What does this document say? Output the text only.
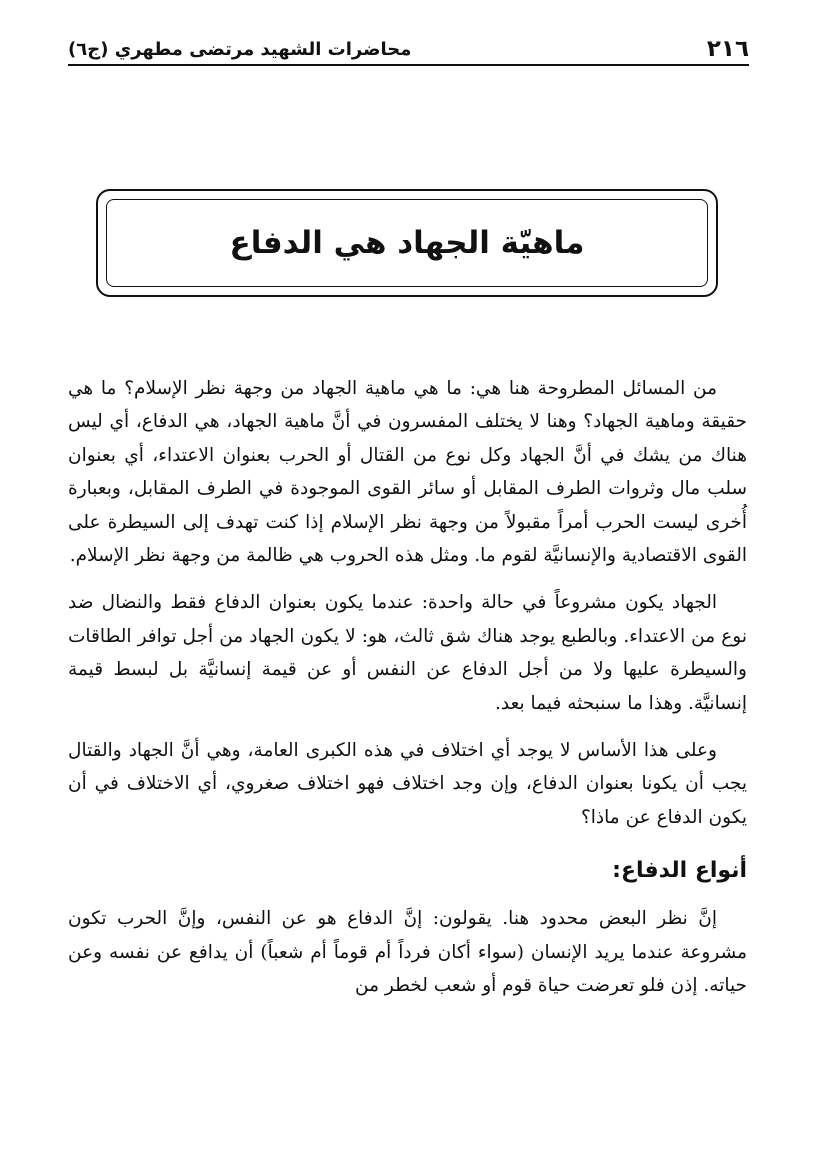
٢١٦
محاضرات الشهيد مرتضى مطهري (ج٦)
ماهيّة الجهاد هي الدفاع

من المسائل المطروحة هنا هي: ما هي ماهية الجهاد من وجهة نظر الإسلام؟ ما هي حقيقة وماهية الجهاد؟ وهنا لا يختلف المفسرون في أنَّ ماهية الجهاد، هي الدفاع، أي ليس هناك من يشك في أنَّ الجهاد وكل نوع من القتال أو الحرب بعنوان الاعتداء، أي بعنوان سلب مال وثروات الطرف المقابل أو سائر القوى الموجودة في الطرف المقابل، وبعبارة أُخرى ليست الحرب أمراً مقبولاً من وجهة نظر الإسلام إذا كنت تهدف إلى السيطرة على القوى الاقتصادية والإنسانيَّة لقوم ما. ومثل هذه الحروب هي ظالمة من وجهة نظر الإسلام.

الجهاد يكون مشروعاً في حالة واحدة: عندما يكون بعنوان الدفاع فقط والنضال ضد نوع من الاعتداء. وبالطبع يوجد هناك شق ثالث، هو: لا يكون الجهاد من أجل توافر الطاقات والسيطرة عليها ولا من أجل الدفاع عن النفس أو عن قيمة إنسانيَّة بل لبسط قيمة إنسانيَّة. وهذا ما سنبحثه فيما بعد.

وعلى هذا الأساس لا يوجد أي اختلاف في هذه الكبرى العامة، وهي أنَّ الجهاد والقتال يجب أن يكونا بعنوان الدفاع، وإن وجد اختلاف فهو اختلاف صغروي، أي الاختلاف في أن يكون الدفاع عن ماذا؟

أنواع الدفاع:

إنَّ نظر البعض محدود هنا. يقولون: إنَّ الدفاع هو عن النفس، وإنَّ الحرب تكون مشروعة عندما يريد الإنسان (سواء أكان فرداً أم قوماً أم شعباً) أن يدافع عن نفسه وعن حياته. إذن فلو تعرضت حياة قوم أو شعب لخطر من
